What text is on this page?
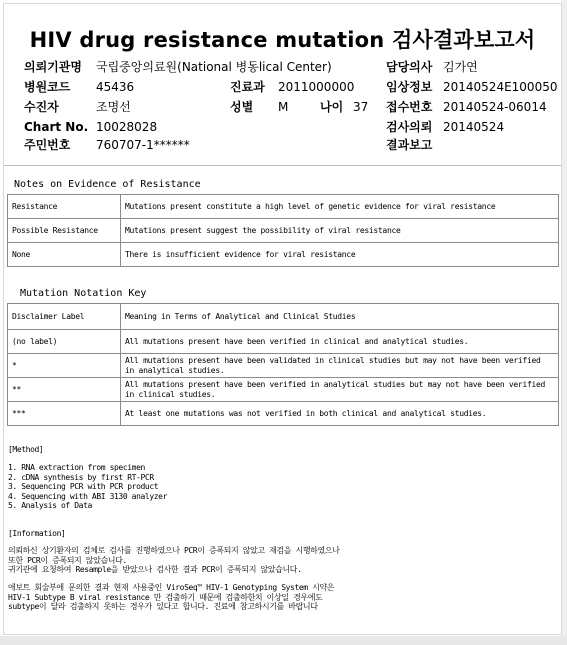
HIV drug resistance mutation 검사결과보고서
의뢰기관명 국립중앙의료원(National 병동lical Center)	담당의사 김가연
병원코드 45436	진료과 2011000000	임상정보 20140524E100050
수진자	조명선	성별 M	나이 37 접수번호 20140524-06014
Chart No. 10028028	검사의뢰 20140524
주민번호 760707-1******	결과보고
Notes on Evidence of Resistance
Resistance	Mutations present constitute a high level of genetic evidence for viral resistance
Possible Resistance	Mutations present suggest the possibility of viral resistance
None	There is insufficient evidence for viral resistance
Mutation Notation Key
Disclaimer Label	Meaning in Terms of Analytical and Clinical Studies
(no label)	All mutations present have been verified in clinical and analytical studies.
*	All mutations present have been validated in clinical studies but may not have been verified in analytical studies.
**	All mutations present have been verified in analytical studies but may not have been verified in clinical studies.
***	At least one mutations was not verified in both clinical and analytical studies.
[Method]
1. RNA extraction from specimen
2. cDNA synthesis by first RT-PCR
3. Sequencing PCR with PCR product
4. Sequencing with ABI 3130 analyzer
5. Analysis of Data
[Information]
의뢰하신 상기환자의 검체로 검사를 진행하였으나 PCR이 증폭되지 않았고 재검을 시행하였으나
또한 PCR이 증폭되지 않았습니다.
귀기관에 요청하여 Resample을 받았으나 검사한 결과 PCR이 증폭되지 않았습니다.
애보트 회술부에 문의한 결과 현재 사용중인 ViroSeq™ HIV-1 Genotyping System 시약은
HIV-1 Subtype B viral resistance 만 검출하기 때문에 검출하한치 이상일 경우에도
subtype이 달라 검출하지 못하는 경우가 있다고 합니다. 진료에 참고하시기를 바랍니다
